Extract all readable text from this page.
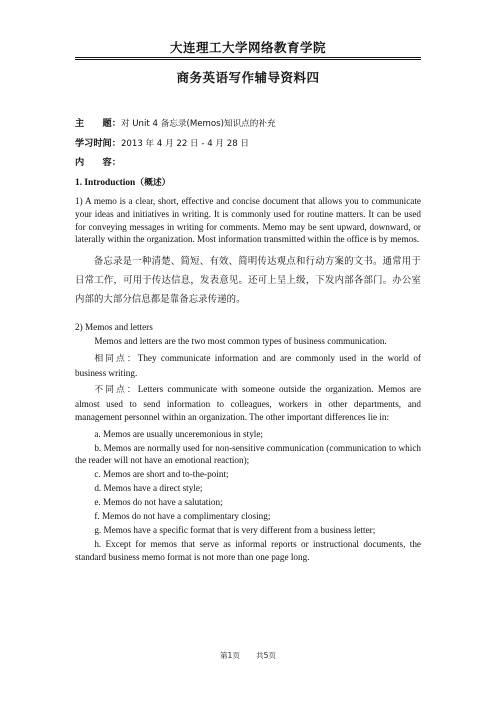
大连理工大学网络教育学院
商务英语写作辅导资料四
主　　题：对 Unit 4 备忘录(Memos)知识点的补充
学习时间：2013 年 4 月 22 日 - 4 月 28 日
内　　容：
1. Introduction（概述）

1) A memo is a clear, short, effective and concise document that allows you to communicate your ideas and initiatives in writing. It is commonly used for routine matters. It can be used for conveying messages in writing for comments. Memo may be sent upward, downward, or laterally within the organization. Most information transmitted within the office is by memos.

备忘录是一种清楚、简短、有效、简明传达观点和行动方案的文书。通常用于日常工作，可用于传达信息，发表意见。还可上呈上级，下发内部各部门。办公室内部的大部分信息都是靠备忘录传递的。

2) Memos and letters

Memos and letters are the two most common types of business communication.

相同点：They communicate information and are commonly used in the world of business writing.

不同点：Letters communicate with someone outside the organization. Memos are almost used to send information to colleagues, workers in other departments, and management personnel within an organization. The other important differences lie in:

a. Memos are usually unceremonious in style;
b. Memos are normally used for non-sensitive communication (communication to which the reader will not have an emotional reaction);
c. Memos are short and to-the-point;
d. Memos have a direct style;
e. Memos do not have a salutation;
f. Memos do not have a complimentary closing;
g. Memos have a specific format that is very different from a business letter;
h. Except for memos that serve as informal reports or instructional documents, the standard business memo format is not more than one page long.
第1页 共5页
